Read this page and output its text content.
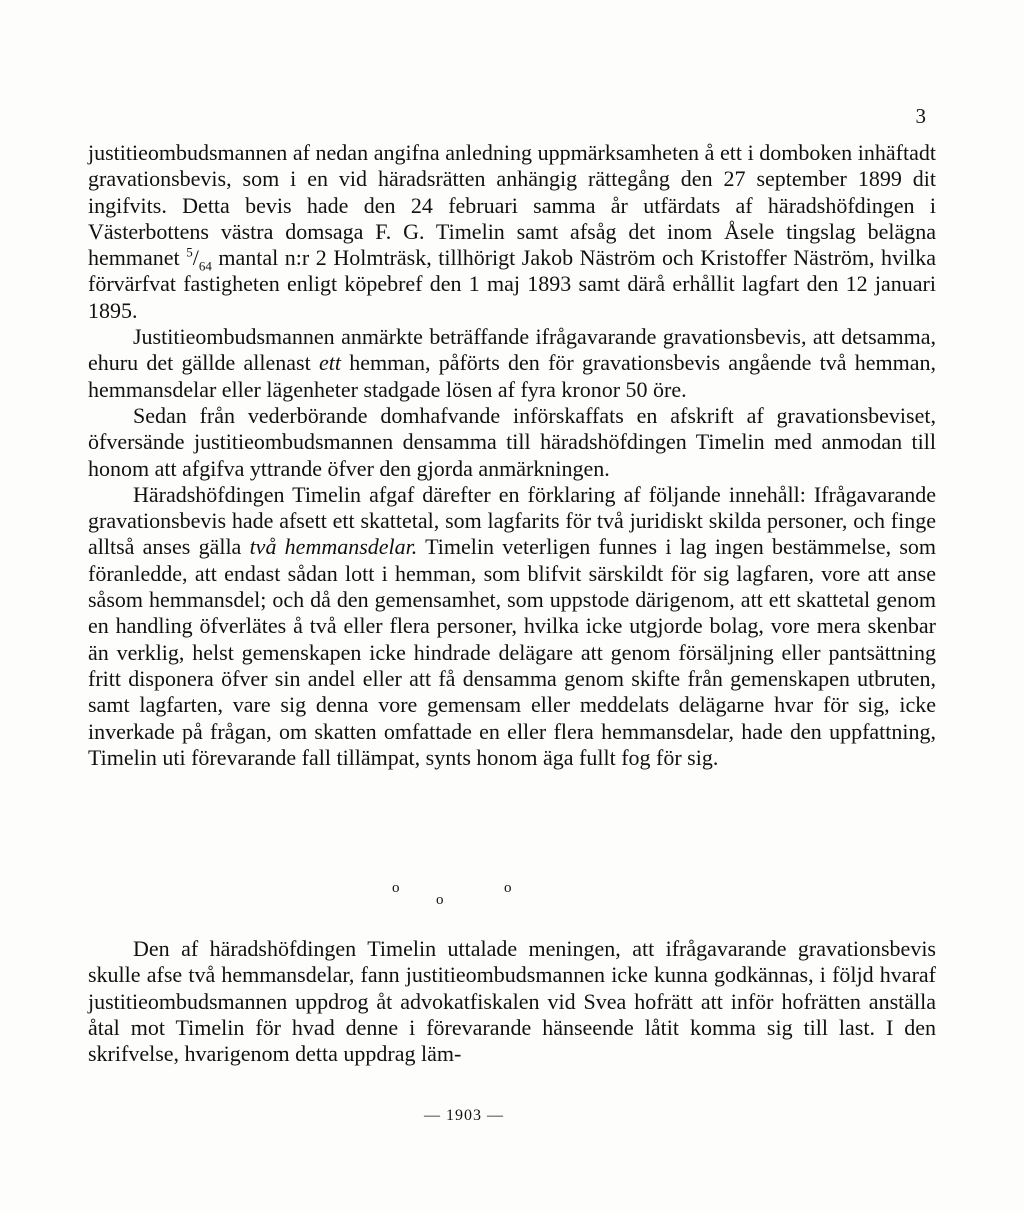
3

justitieombudsmannen af nedan angifna anledning uppmärksamheten å ett i domboken inhäftadt gravationsbevis, som i en vid häradsrätten anhängig rättegång den 27 september 1899 dit ingifvits. Detta bevis hade den 24 februari samma år utfärdats af häradshöfdingen i Västerbottens västra domsaga F. G. Timelin samt afsåg det inom Åsele tingslag belägna hemmanet $^5/_{64}$ mantal n:r 2 Holmträsk, tillhörigt Jakob Näström och Kristoffer Näström, hvilka förvärfvat fastigheten enligt köpebref den 1 maj 1893 samt därå erhållit lagfart den 12 januari 1895.

Justitieombudsmannen anmärkte beträffande ifrågavarande gravationsbevis, att detsamma, ehuru det gällde allenast ett hemman, påförts den för gravationsbevis angående två hemman, hemmansdelar eller lägenheter stadgade lösen af fyra kronor 50 öre.

Sedan från vederbörande domhafvande införskaffats en afskrift af gravationsbeviset, öfversände justitieombudsmannen densamma till häradshöfdingen Timelin med anmodan till honom att afgifva yttrande öfver den gjorda anmärkningen.

Häradshöfdingen Timelin afgaf därefter en förklaring af följande innehåll: Ifrågavarande gravationsbevis hade afsett ett skattetal, som lagfarits för två juridiskt skilda personer, och finge alltså anses gälla två hemmansdelar. Timelin veterligen funnes i lag ingen bestämmelse, som föranledde, att endast sådan lott i hemman, som blifvit särskildt för sig lagfaren, vore att anse såsom hemmansdel; och då den gemensamhet, som uppstode därigenom, att ett skattetal genom en handling öfverlätes å två eller flera personer, hvilka icke utgjorde bolag, vore mera skenbar än verklig, helst gemenskapen icke hindrade delägare att genom försäljning eller pantsättning fritt disponera öfver sin andel eller att få densamma genom skifte från gemenskapen utbruten, samt lagfarten, vare sig denna vore gemensam eller meddelats delägarne hvar för sig, icke inverkade på frågan, om skatten omfattade en eller flera hemmansdelar, hade den uppfattning, Timelin uti förevarande fall tillämpat, synts honom äga fullt fog för sig.

o	o
o

Den af häradshöfdingen Timelin uttalade meningen, att ifrågavarande gravationsbevis skulle afse två hemmansdelar, fann justitieombudsmannen icke kunna godkännas, i följd hvaraf justitieombudsmannen uppdrog åt advokatfiskalen vid Svea hofrätt att inför hofrätten anställa åtal mot Timelin för hvad denne i förevarande hänseende låtit komma sig till last. I den skrifvelse, hvarigenom detta uppdrag läm-

— 1903 —
